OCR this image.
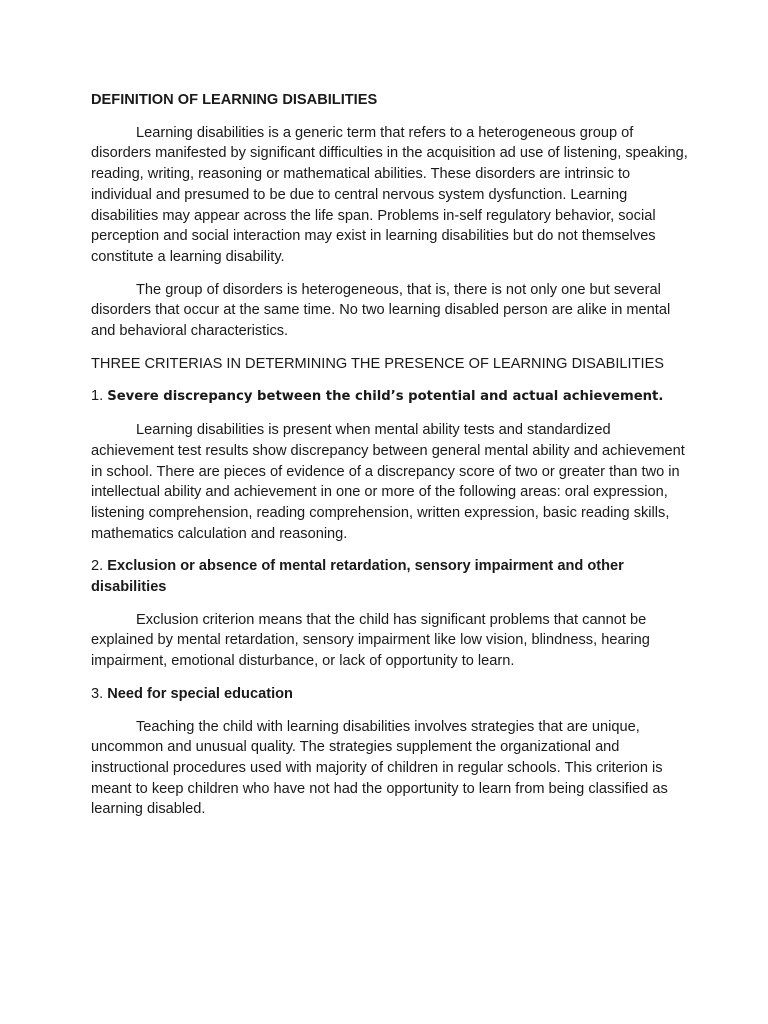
DEFINITION OF LEARNING DISABILITIES

Learning disabilities is a generic term that refers to a heterogeneous group of disorders manifested by significant difficulties in the acquisition ad use of listening, speaking, reading, writing, reasoning or mathematical abilities. These disorders are intrinsic to individual and presumed to be due to central nervous system dysfunction. Learning disabilities may appear across the life span. Problems in-self regulatory behavior, social perception and social interaction may exist in learning disabilities but do not themselves constitute a learning disability.

The group of disorders is heterogeneous, that is, there is not only one but several disorders that occur at the same time. No two learning disabled person are alike in mental and behavioral characteristics.

THREE CRITERIAS IN DETERMINING THE PRESENCE OF LEARNING DISABILITIES

1. Severe discrepancy between the child’s potential and actual achievement.

Learning disabilities is present when mental ability tests and standardized achievement test results show discrepancy between general mental ability and achievement in school. There are pieces of evidence of a discrepancy score of two or greater than two in intellectual ability and achievement in one or more of the following areas: oral expression, listening comprehension, reading comprehension, written expression, basic reading skills, mathematics calculation and reasoning.

2. Exclusion or absence of mental retardation, sensory impairment and other disabilities

Exclusion criterion means that the child has significant problems that cannot be explained by mental retardation, sensory impairment like low vision, blindness, hearing impairment, emotional disturbance, or lack of opportunity to learn.

3. Need for special education

Teaching the child with learning disabilities involves strategies that are unique, uncommon and unusual quality. The strategies supplement the organizational and instructional procedures used with majority of children in regular schools. This criterion is meant to keep children who have not had the opportunity to learn from being classified as learning disabled.
